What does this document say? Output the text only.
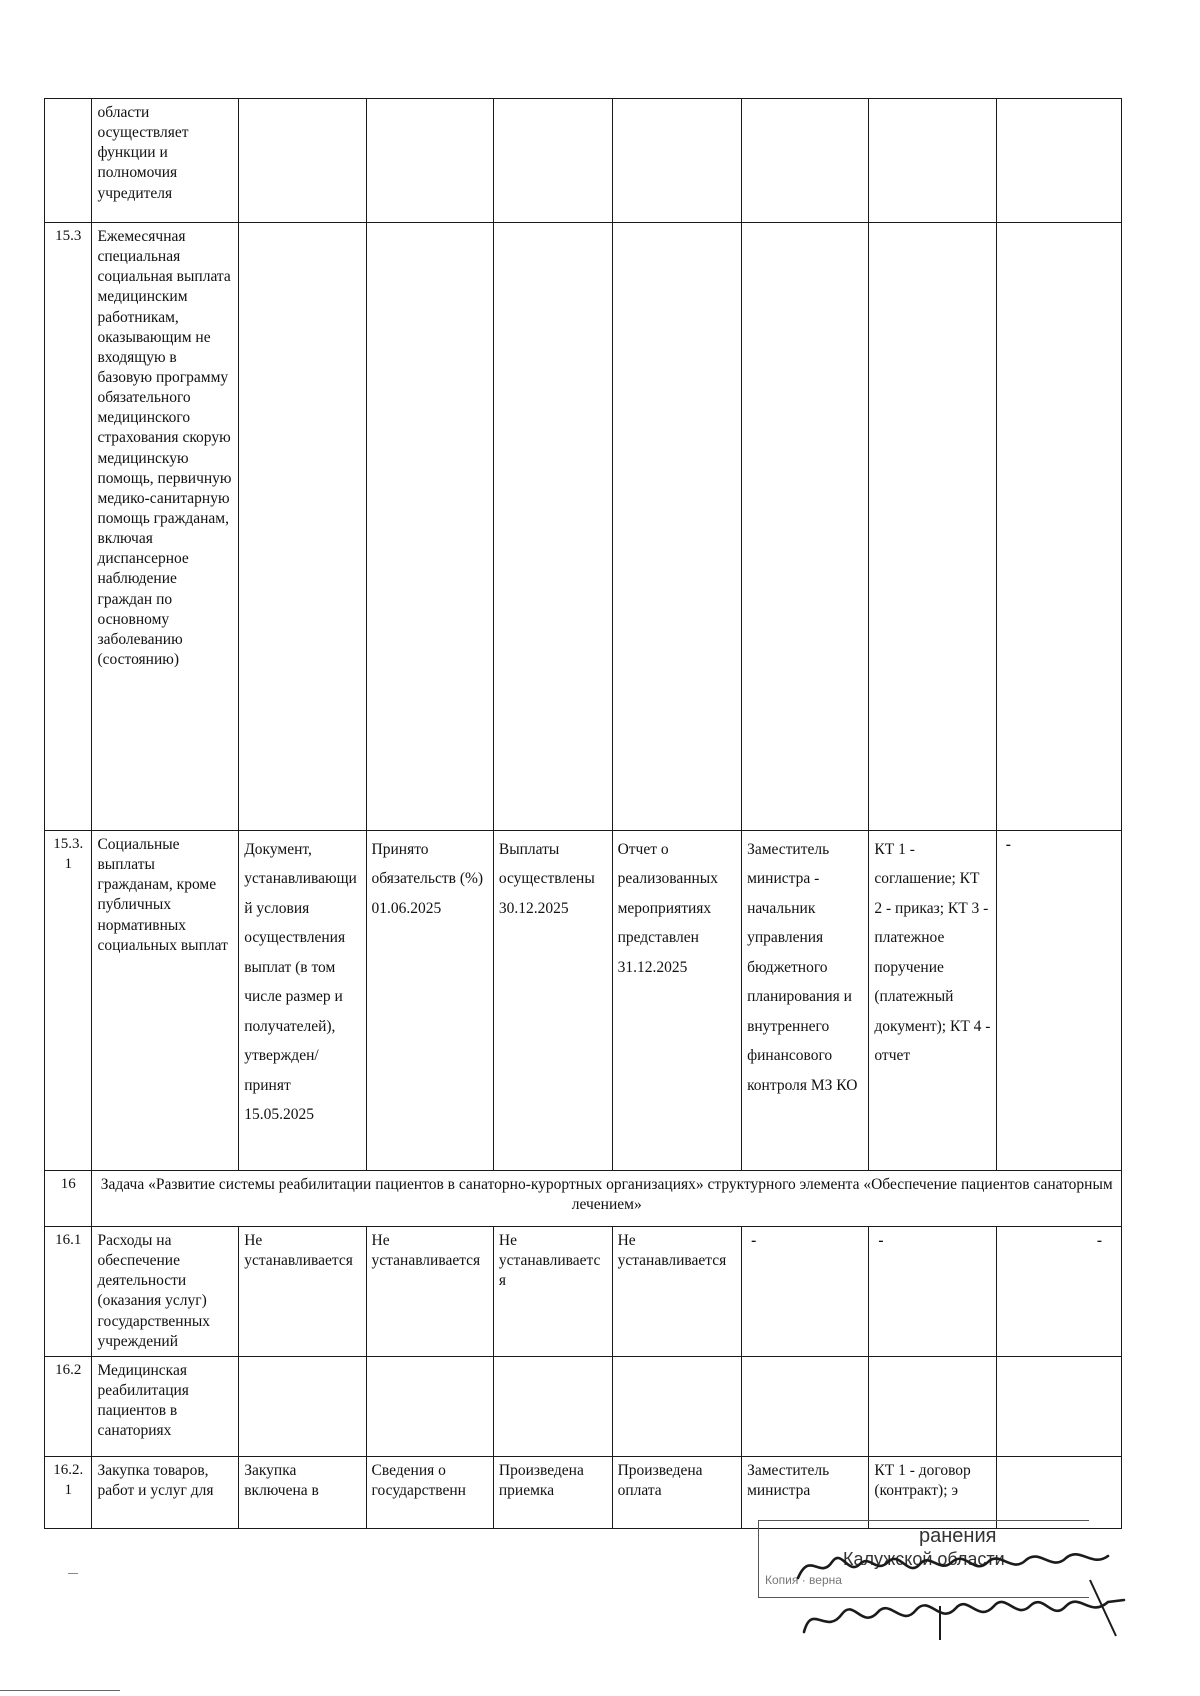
	области осуществляет функции и полномочия учредителя							
15.3	Ежемесячная специальная социальная выплата медицинским работникам, оказывающим не входящую в базовую программу обязательного медицинского страхования скорую медицинскую помощь, первичную медико-санитарную помощь гражданам, включая диспансерное наблюдение граждан по основному заболеванию (состоянию)							
15.3.1	Социальные выплаты гражданам, кроме публичных нормативных социальных выплат	Документ, устанавливающий условия осуществления выплат (в том числе размер и получателей), утвержден/принят 15.05.2025	Принято обязательств (%) 01.06.2025	Выплаты осуществлены 30.12.2025	Отчет о реализованных мероприятиях представлен 31.12.2025	Заместитель министра - начальник управления бюджетного планирования и внутреннего финансового контроля МЗ КО	КТ 1 - соглашение; КТ 2 - приказ; КТ 3 - платежное поручение (платежный документ); КТ 4 - отчет	-

16	Задача «Развитие системы реабилитации пациентов в санаторно-курортных организациях» структурного элемента «Обеспечение пациентов санаторным лечением»							
16.1	Расходы на обеспечение деятельности (оказания услуг) государственных учреждений	Не устанавливается	Не устанавливается	Не устанавливается	Не устанавливается	-	-	-

16.2	Медицинская реабилитация пациентов в санаториях							
16.2.1	Закупка товаров, работ и услуг для	Закупка включена в	Сведения о государственн	Произведена приемка	Произведена оплата	Заместитель министра	КТ 1 - договор (контракт); э	
ранения
Калужской области
Копия · верна
